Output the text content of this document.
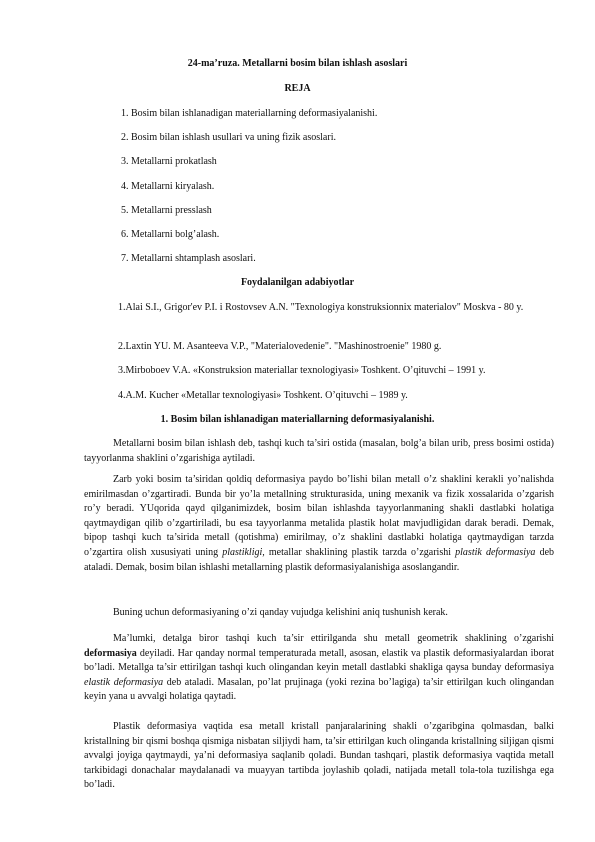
24-ma’ruza. Metallarni bosim bilan ishlash asoslari
REJA
1. Bosim bilan ishlanadigan materiallarning deformasiyalanishi.
2. Bosim bilan ishlash usullari va uning fizik asoslari.
3. Metallarni prokatlash
4. Metallarni kiryalash.
5. Metallarni presslash
6. Metallarni bolg’alash.
7. Metallarni shtamplash asoslari.
Foydalanilgan adabiyotlar
1.Alai S.I., Grigor'ev P.I. i Rostovsev A.N. "Texnologiya konstruksionnix materialov" Moskva - 80 y.
2.Laxtin YU. M. Asanteeva V.P., "Materialovedenie". "Mashinostroenie" 1980 g.
3.Mirboboev V.A. «Konstruksion materiallar texnologiyasi» Toshkent. O’qituvchi – 1991 y.
4.A.M. Kucher «Metallar texnologiyasi» Toshkent. O’qituvchi – 1989 y.
1. Bosim bilan ishlanadigan materiallarning deformasiyalanishi.

Metallarni bosim bilan ishlash deb, tashqi kuch ta’siri ostida (masalan, bolg’a bilan urib, press bosimi ostida) tayyorlanma shaklini o’zgarishiga aytiladi.

Zarb yoki bosim ta’siridan qoldiq deformasiya paydo bo’lishi bilan metall o’z shaklini kerakli yo’nalishda emirilmasdan o’zgartiradi. Bunda bir yo’la metallning strukturasida, uning mexanik va fizik xossalarida o’zgarish ro’y beradi. YUqorida qayd qilganimizdek, bosim bilan ishlashda tayyorlanmaning shakli dastlabki holatiga qaytmaydigan qilib o’zgartiriladi, bu esa tayyorlanma metalida plastik holat mavjudligidan darak beradi. Demak, bipop tashqi kuch ta’sirida metall (qotishma) emirilmay, o’z shaklini dastlabki holatiga qaytmaydigan tarzda o’zgartira olish xususiyati uning plastikligi, metallar shaklining plastik tarzda o’zgarishi plastik deformasiya deb ataladi. Demak, bosim bilan ishlashi metallarning plastik deformasiyalanishiga asoslangandir.

Buning uchun deformasiyaning o’zi qanday vujudga kelishini aniq tushunish kerak.

Ma’lumki, detalga biror tashqi kuch ta’sir ettirilganda shu metall geometrik shaklining o’zgarishi deformasiya deyiladi. Har qanday normal temperaturada metall, asosan, elastik va plastik deformasiyalardan iborat bo’ladi. Metallga ta’sir ettirilgan tashqi kuch olingandan keyin metall dastlabki shakliga qaysa bunday deformasiya elastik deformasiya deb ataladi. Masalan, po’lat prujinaga (yoki rezina bo’lagiga) ta’sir ettirilgan kuch olingandan keyin yana u avvalgi holatiga qaytadi.

Plastik deformasiya vaqtida esa metall kristall panjaralarining shakli o’zgaribgina qolmasdan, balki kristallning bir qismi boshqa qismiga nisbatan siljiydi ham, ta’sir ettirilgan kuch olinganda kristallning siljigan qismi avvalgi joyiga qaytmaydi, ya’ni deformasiya saqlanib qoladi. Bundan tashqari, plastik deformasiya vaqtida metall tarkibidagi donachalar maydalanadi va muayyan tartibda joylashib qoladi, natijada metall tola-tola tuzilishga ega bo’ladi.
